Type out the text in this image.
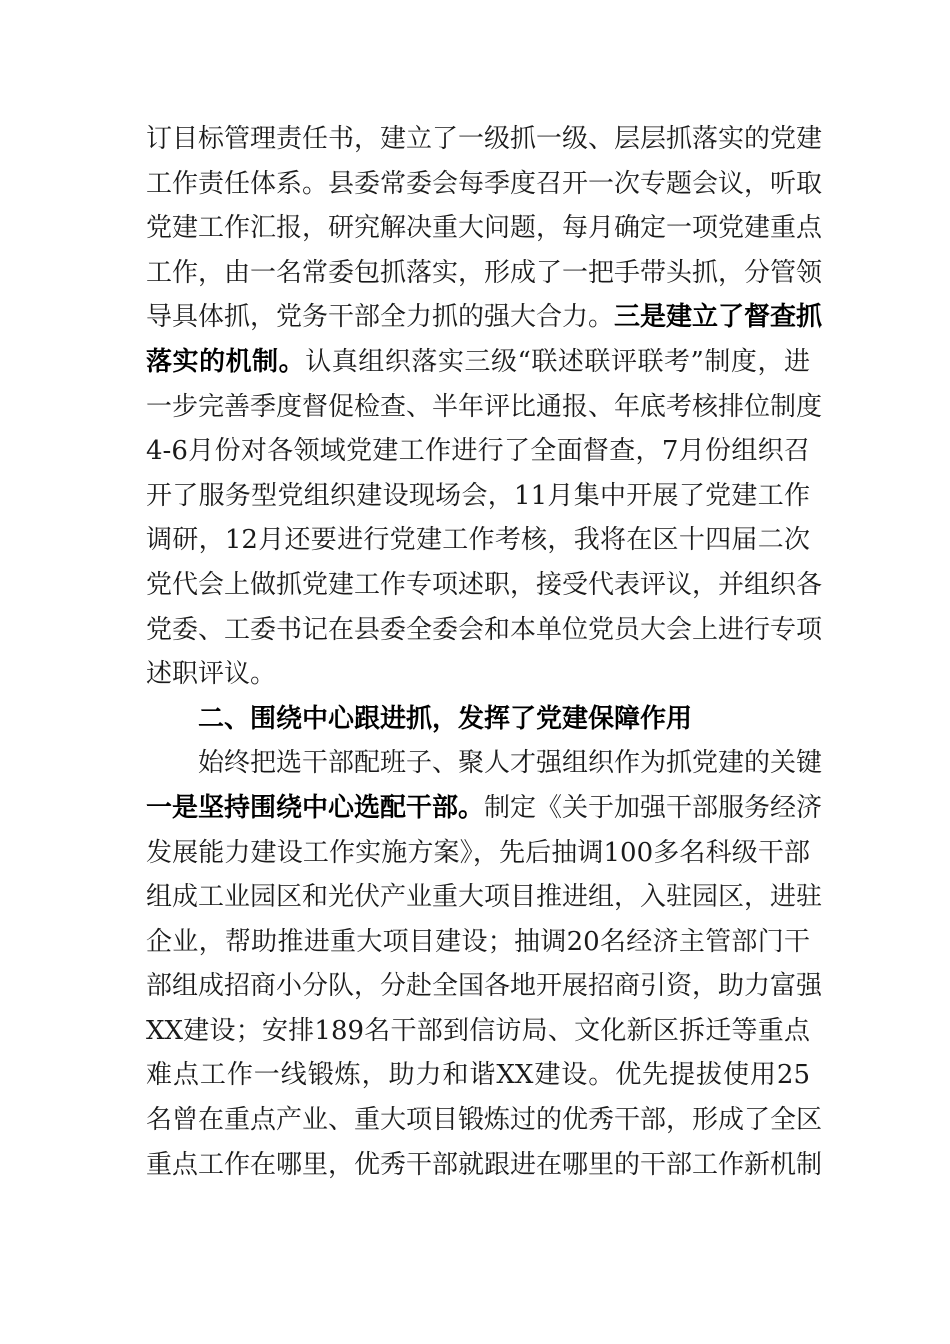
订目标管理责任书，建立了一级抓一级、层层抓落实的党建
工作责任体系。县委常委会每季度召开一次专题会议，听取
党建工作汇报，研究解决重大问题，每月确定一项党建重点
工作，由一名常委包抓落实，形成了一把手带头抓，分管领
导具体抓，党务干部全力抓的强大合力。三是建立了督查抓
落实的机制。认真组织落实三级“联述联评联考”制度，进
一步完善季度督促检查、半年评比通报、年底考核排位制度
4-6月份对各领域党建工作进行了全面督查，7月份组织召
开了服务型党组织建设现场会，11月集中开展了党建工作
调研，12月还要进行党建工作考核，我将在区十四届二次
党代会上做抓党建工作专项述职，接受代表评议，并组织各
党委、工委书记在县委全委会和本单位党员大会上进行专项
述职评议。
二、围绕中心跟进抓，发挥了党建保障作用
始终把选干部配班子、聚人才强组织作为抓党建的关键
一是坚持围绕中心选配干部。制定《关于加强干部服务经济
发展能力建设工作实施方案》，先后抽调100多名科级干部
组成工业园区和光伏产业重大项目推进组，入驻园区，进驻
企业，帮助推进重大项目建设；抽调20名经济主管部门干
部组成招商小分队，分赴全国各地开展招商引资，助力富强
XX建设；安排189名干部到信访局、文化新区拆迁等重点
难点工作一线锻炼，助力和谐XX建设。优先提拔使用25
名曾在重点产业、重大项目锻炼过的优秀干部，形成了全区
重点工作在哪里，优秀干部就跟进在哪里的干部工作新机制
